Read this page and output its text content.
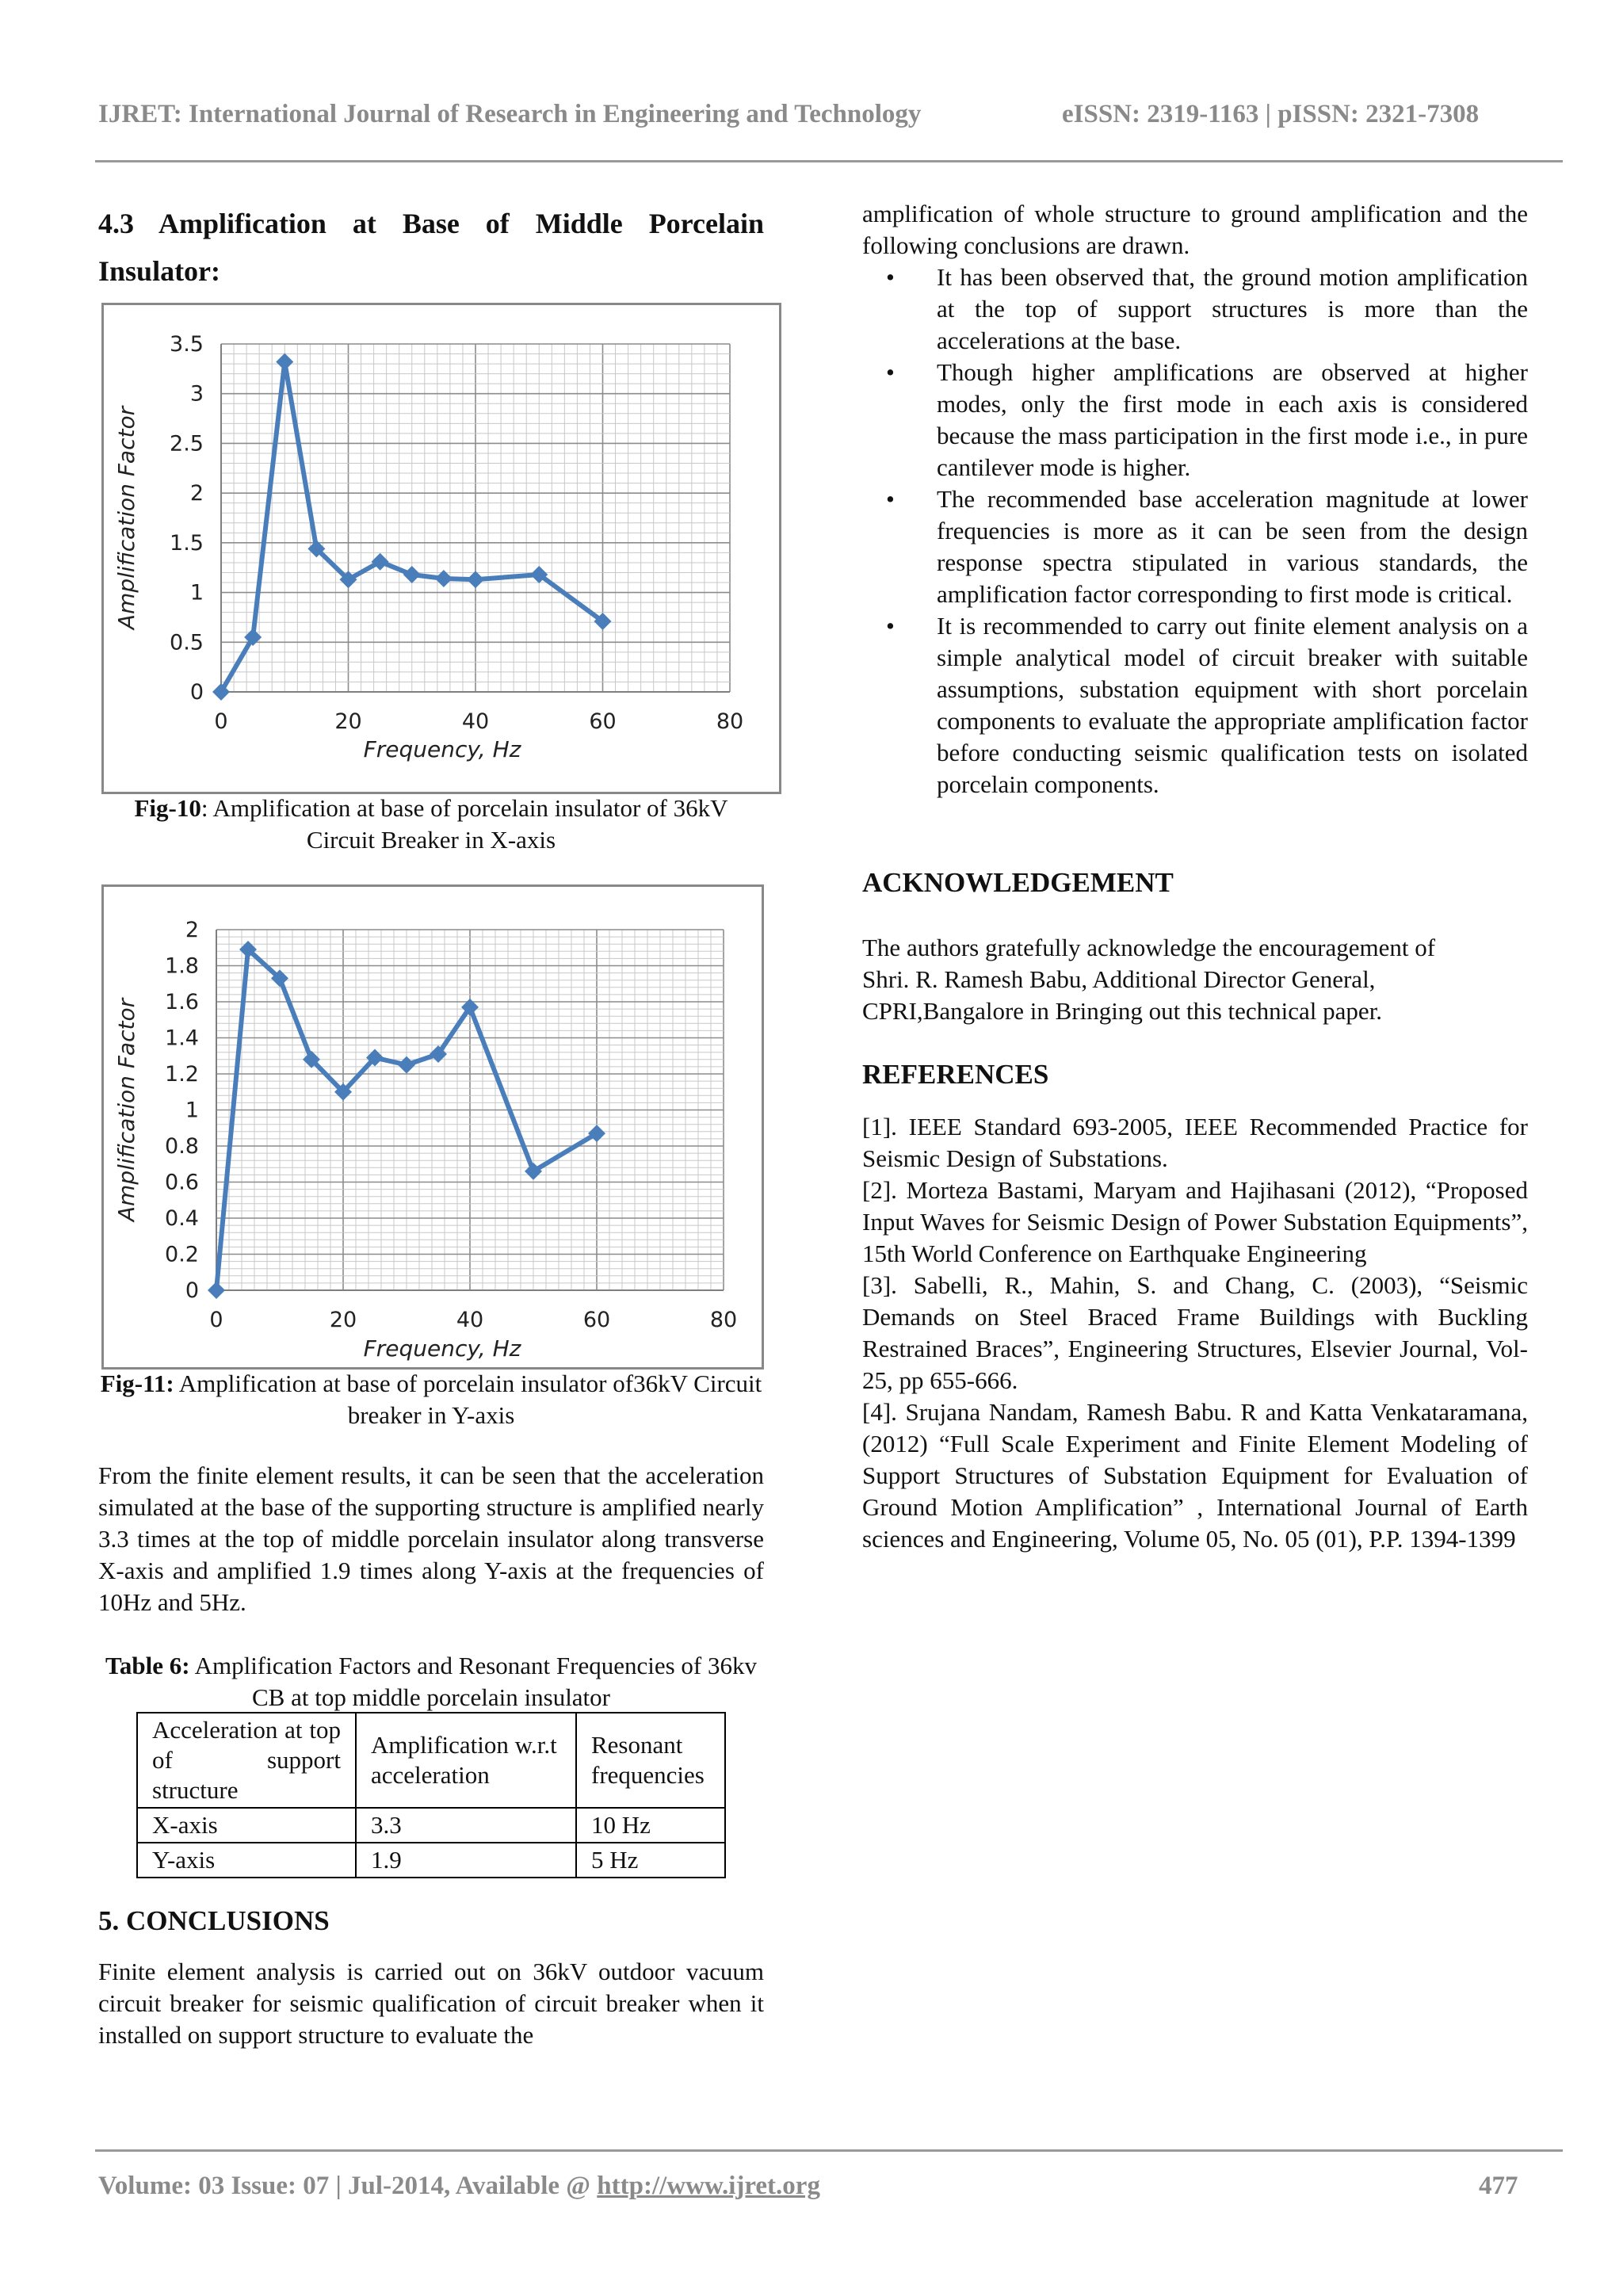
IJRET: International Journal of Research in Engineering and Technology	eISSN: 2319-1163 | pISSN: 2321-7308
4.3 Amplification at Base of Middle Porcelain Insulator:
0
0.5
1
1.5
2
2.5
3
3.5
0	20	40	60	80
Frequency, Hz
Amplification Factor
Fig-10: Amplification at base of porcelain insulator of 36kV Circuit Breaker in X-axis
0
0.2
0.4
0.6
0.8
1
1.2
1.4
1.6
1.8
2
0	20	40	60	80
Frequency, Hz
Amplification Factor
Fig-11: Amplification at base of porcelain insulator of36kV Circuit breaker in Y-axis
From the finite element results, it can be seen that the acceleration simulated at the base of the supporting structure is amplified nearly 3.3 times at the top of middle porcelain insulator along transverse X-axis and amplified 1.9 times along Y-axis at the frequencies of 10Hz and 5Hz.
Table 6: Amplification Factors and Resonant Frequencies of 36kv CB at top middle porcelain insulator
Acceleration at top of support structure	Amplification w.r.t acceleration	Resonant frequencies
X-axis	3.3	10 Hz
Y-axis	1.9	5 Hz
5. CONCLUSIONS
Finite element analysis is carried out on 36kV outdoor vacuum circuit breaker for seismic qualification of circuit breaker when it installed on support structure to evaluate the
amplification of whole structure to ground amplification and the following conclusions are drawn.
• It has been observed that, the ground motion amplification at the top of support structures is more than the accelerations at the base.
• Though higher amplifications are observed at higher modes, only the first mode in each axis is considered because the mass participation in the first mode i.e., in pure cantilever mode is higher.
• The recommended base acceleration magnitude at lower frequencies is more as it can be seen from the design response spectra stipulated in various standards, the amplification factor corresponding to first mode is critical.
• It is recommended to carry out finite element analysis on a simple analytical model of circuit breaker with suitable assumptions, substation equipment with short porcelain components to evaluate the appropriate amplification factor before conducting seismic qualification tests on isolated porcelain components.
ACKNOWLEDGEMENT
The authors gratefully acknowledge the encouragement of
Shri. R. Ramesh Babu, Additional Director General,
CPRI,Bangalore in Bringing out this technical paper.
REFERENCES
[1]. IEEE Standard 693-2005, IEEE Recommended Practice for Seismic Design of Substations.
[2]. Morteza Bastami, Maryam and Hajihasani (2012), “Proposed Input Waves for Seismic Design of Power Substation Equipments”, 15th World Conference on Earthquake Engineering
[3]. Sabelli, R., Mahin, S. and Chang, C. (2003), “Seismic Demands on Steel Braced Frame Buildings with Buckling Restrained Braces”, Engineering Structures, Elsevier Journal, Vol-25, pp 655-666.
[4]. Srujana Nandam, Ramesh Babu. R and Katta Venkataramana,(2012) “Full Scale Experiment and Finite Element Modeling of Support Structures of Substation Equipment for Evaluation of Ground Motion Amplification” , International Journal of Earth sciences and Engineering, Volume 05, No. 05 (01), P.P. 1394-1399
Volume: 03 Issue: 07 | Jul-2014, Available @ http://www.ijret.org	477
